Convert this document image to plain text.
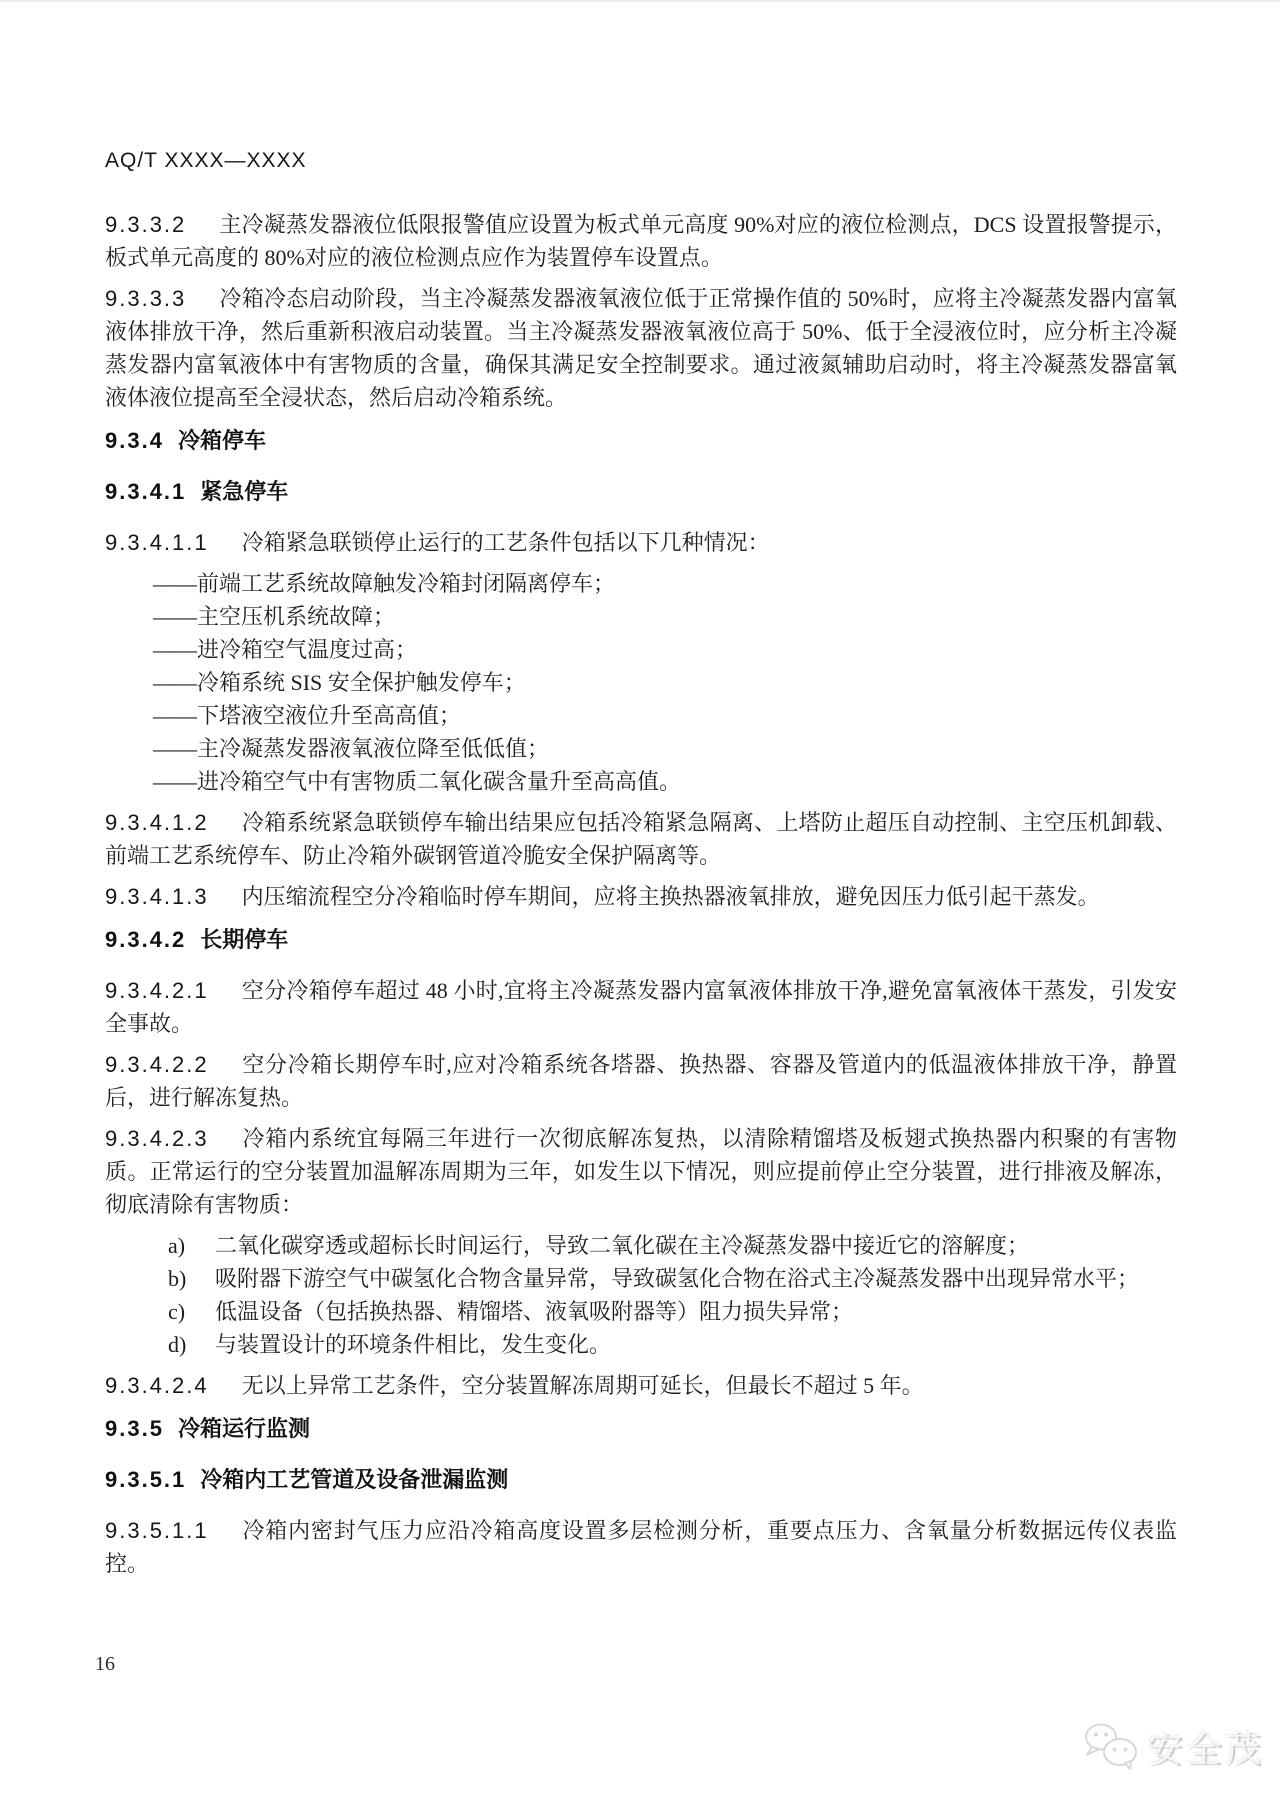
AQ/T XXXX—XXXX

9.3.3.2 主冷凝蒸发器液位低限报警值应设置为板式单元高度 90%对应的液位检测点，DCS 设置报警提示，板式单元高度的 80%对应的液位检测点应作为装置停车设置点。

9.3.3.3 冷箱冷态启动阶段，当主冷凝蒸发器液氧液位低于正常操作值的 50%时，应将主冷凝蒸发器内富氧液体排放干净，然后重新积液启动装置。当主冷凝蒸发器液氧液位高于 50%、低于全浸液位时，应分析主冷凝蒸发器内富氧液体中有害物质的含量，确保其满足安全控制要求。通过液氮辅助启动时，将主冷凝蒸发器富氧液体液位提高至全浸状态，然后启动冷箱系统。

9.3.4 冷箱停车
9.3.4.1 紧急停车

9.3.4.1.1 冷箱紧急联锁停止运行的工艺条件包括以下几种情况：

——前端工艺系统故障触发冷箱封闭隔离停车；
——主空压机系统故障；
——进冷箱空气温度过高；
——冷箱系统 SIS 安全保护触发停车；
——下塔液空液位升至高高值；
——主冷凝蒸发器液氧液位降至低低值；
——进冷箱空气中有害物质二氧化碳含量升至高高值。

9.3.4.1.2 冷箱系统紧急联锁停车输出结果应包括冷箱紧急隔离、上塔防止超压自动控制、主空压机卸载、前端工艺系统停车、防止冷箱外碳钢管道冷脆安全保护隔离等。

9.3.4.1.3 内压缩流程空分冷箱临时停车期间，应将主换热器液氧排放，避免因压力低引起干蒸发。

9.3.4.2 长期停车

9.3.4.2.1 空分冷箱停车超过 48 小时,宜将主冷凝蒸发器内富氧液体排放干净,避免富氧液体干蒸发，引发安全事故。

9.3.4.2.2 空分冷箱长期停车时,应对冷箱系统各塔器、换热器、容器及管道内的低温液体排放干净，静置后，进行解冻复热。

9.3.4.2.3 冷箱内系统宜每隔三年进行一次彻底解冻复热，以清除精馏塔及板翅式换热器内积聚的有害物质。正常运行的空分装置加温解冻周期为三年，如发生以下情况，则应提前停止空分装置，进行排液及解冻，彻底清除有害物质：

a) 二氧化碳穿透或超标长时间运行，导致二氧化碳在主冷凝蒸发器中接近它的溶解度；
b) 吸附器下游空气中碳氢化合物含量异常，导致碳氢化合物在浴式主冷凝蒸发器中出现异常水平；
c) 低温设备（包括换热器、精馏塔、液氧吸附器等）阻力损失异常；
d) 与装置设计的环境条件相比，发生变化。

9.3.4.2.4 无以上异常工艺条件，空分装置解冻周期可延长，但最长不超过 5 年。

9.3.5 冷箱运行监测
9.3.5.1 冷箱内工艺管道及设备泄漏监测

9.3.5.1.1 冷箱内密封气压力应沿冷箱高度设置多层检测分析，重要点压力、含氧量分析数据远传仪表监控。

16
安全茂
